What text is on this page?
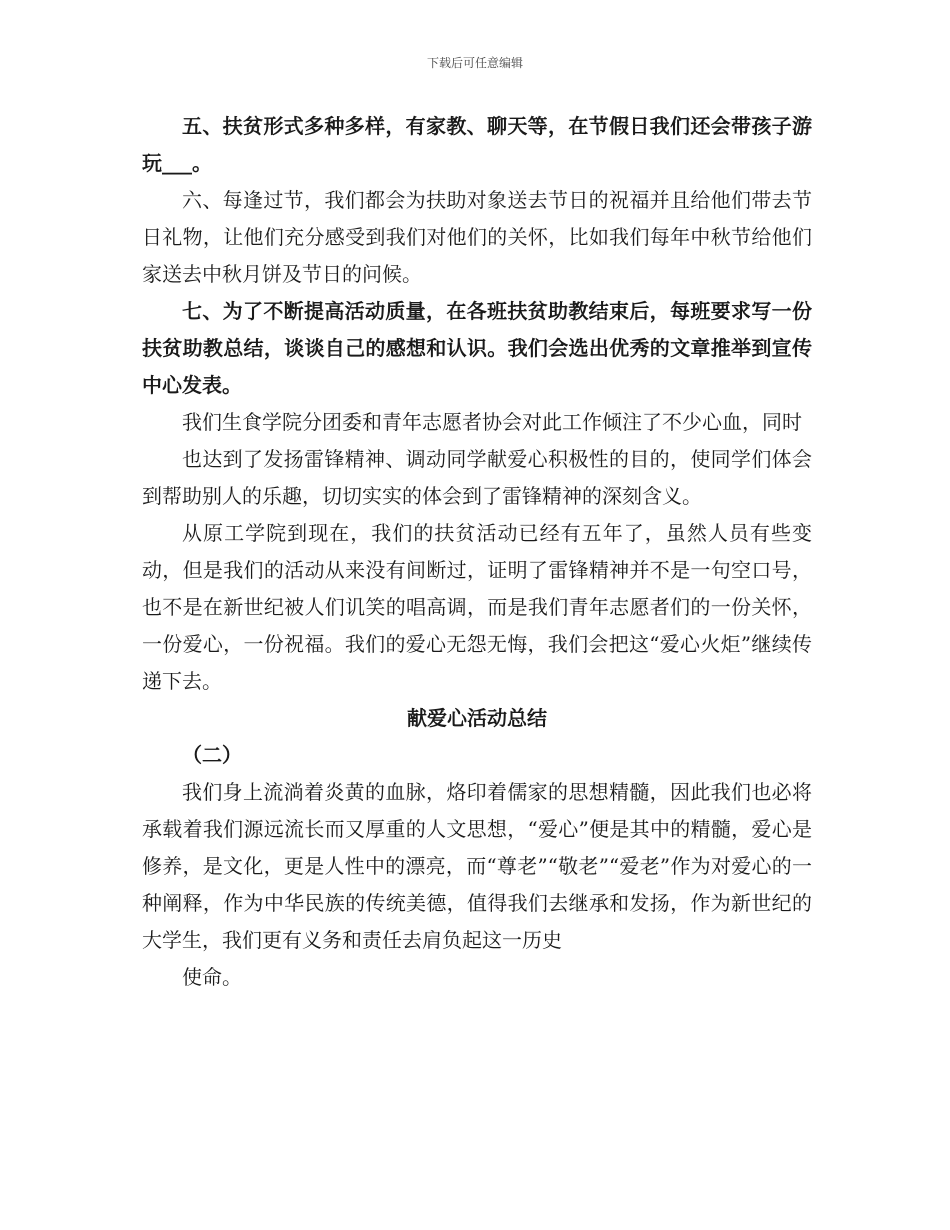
下载后可任意编辑

五、扶贫形式多种多样，有家教、聊天等，在节假日我们还会带孩子游玩___。

六、每逢过节，我们都会为扶助对象送去节日的祝福并且给他们带去节日礼物，让他们充分感受到我们对他们的关怀，比如我们每年中秋节给他们家送去中秋月饼及节日的问候。

七、为了不断提高活动质量，在各班扶贫助教结束后，每班要求写一份扶贫助教总结，谈谈自己的感想和认识。我们会选出优秀的文章推举到宣传中心发表。

我们生食学院分团委和青年志愿者协会对此工作倾注了不少心血，同时

也达到了发扬雷锋精神、调动同学献爱心积极性的目的，使同学们体会到帮助别人的乐趣，切切实实的体会到了雷锋精神的深刻含义。

从原工学院到现在，我们的扶贫活动已经有五年了，虽然人员有些变动，但是我们的活动从来没有间断过，证明了雷锋精神并不是一句空口号，也不是在新世纪被人们讥笑的唱高调，而是我们青年志愿者们的一份关怀，一份爱心，一份祝福。我们的爱心无怨无悔，我们会把这“爱心火炬”继续传递下去。

献爱心活动总结

（二）

我们身上流淌着炎黄的血脉，烙印着儒家的思想精髓，因此我们也必将承载着我们源远流长而又厚重的人文思想，“爱心”便是其中的精髓，爱心是修养，是文化，更是人性中的漂亮，而“尊老”“敬老”“爱老”作为对爱心的一种阐释，作为中华民族的传统美德，值得我们去继承和发扬，作为新世纪的大学生，我们更有义务和责任去肩负起这一历史

使命。
